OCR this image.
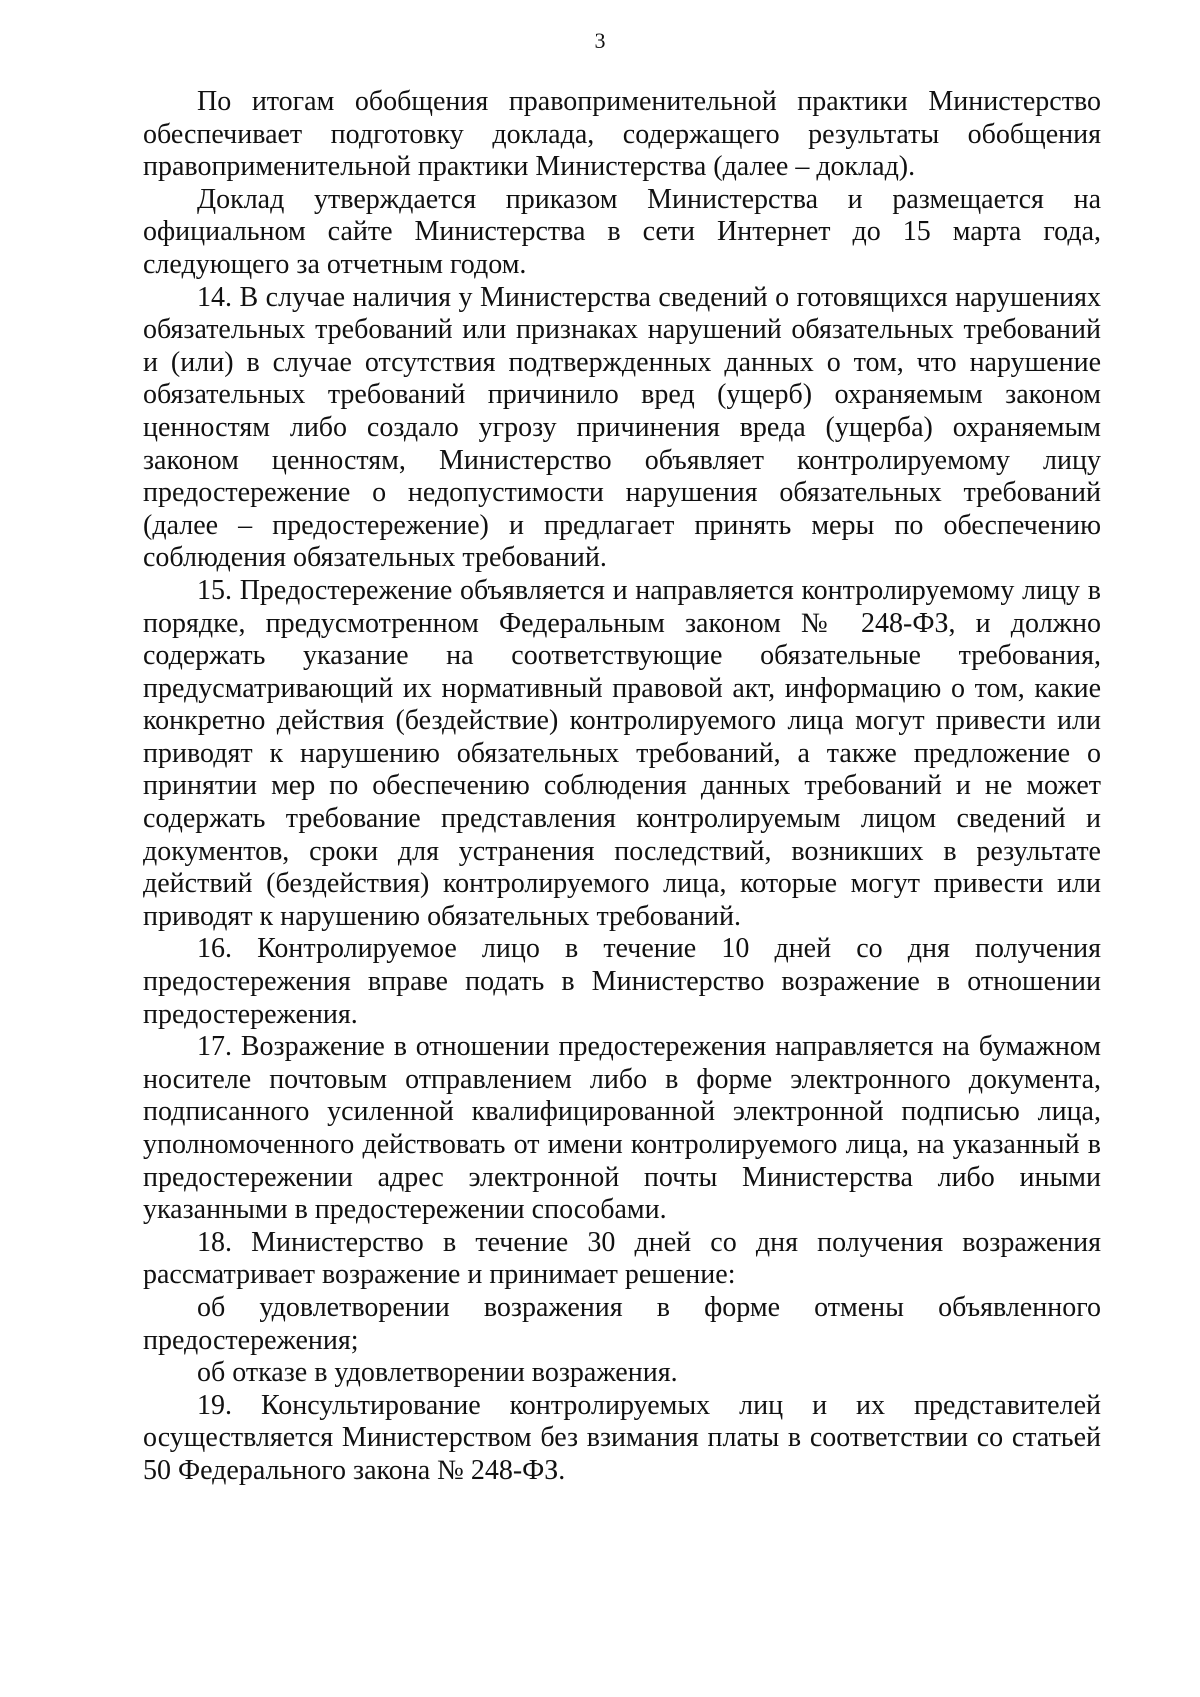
3

По итогам обобщения правоприменительной практики Министерство обеспечивает подготовку доклада, содержащего результаты обобщения правоприменительной практики Министерства (далее – доклад).

Доклад утверждается приказом Министерства и размещается на официальном сайте Министерства в сети Интернет до 15 марта года, следующего за отчетным годом.

14. В случае наличия у Министерства сведений о готовящихся нарушениях обязательных требований или признаках нарушений обязательных требований и (или) в случае отсутствия подтвержденных данных о том, что нарушение обязательных требований причинило вред (ущерб) охраняемым законом ценностям либо создало угрозу причинения вреда (ущерба) охраняемым законом ценностям, Министерство объявляет контролируемому лицу предостережение о недопустимости нарушения обязательных требований (далее – предостережение) и предлагает принять меры по обеспечению соблюдения обязательных требований.

15. Предостережение объявляется и направляется контролируемому лицу в порядке, предусмотренном Федеральным законом № 248-ФЗ, и должно содержать указание на соответствующие обязательные требования, предусматривающий их нормативный правовой акт, информацию о том, какие конкретно действия (бездействие) контролируемого лица могут привести или приводят к нарушению обязательных требований, а также предложение о принятии мер по обеспечению соблюдения данных требований и не может содержать требование представления контролируемым лицом сведений и документов, сроки для устранения последствий, возникших в результате действий (бездействия) контролируемого лица, которые могут привести или приводят к нарушению обязательных требований.

16. Контролируемое лицо в течение 10 дней со дня получения предостережения вправе подать в Министерство возражение в отношении предостережения.

17. Возражение в отношении предостережения направляется на бумажном носителе почтовым отправлением либо в форме электронного документа, подписанного усиленной квалифицированной электронной подписью лица, уполномоченного действовать от имени контролируемого лица, на указанный в предостережении адрес электронной почты Министерства либо иными указанными в предостережении способами.

18. Министерство в течение 30 дней со дня получения возражения рассматривает возражение и принимает решение:

об удовлетворении возражения в форме отмены объявленного предостережения;

об отказе в удовлетворении возражения.

19. Консультирование контролируемых лиц и их представителей осуществляется Министерством без взимания платы в соответствии со статьей 50 Федерального закона № 248-ФЗ.
